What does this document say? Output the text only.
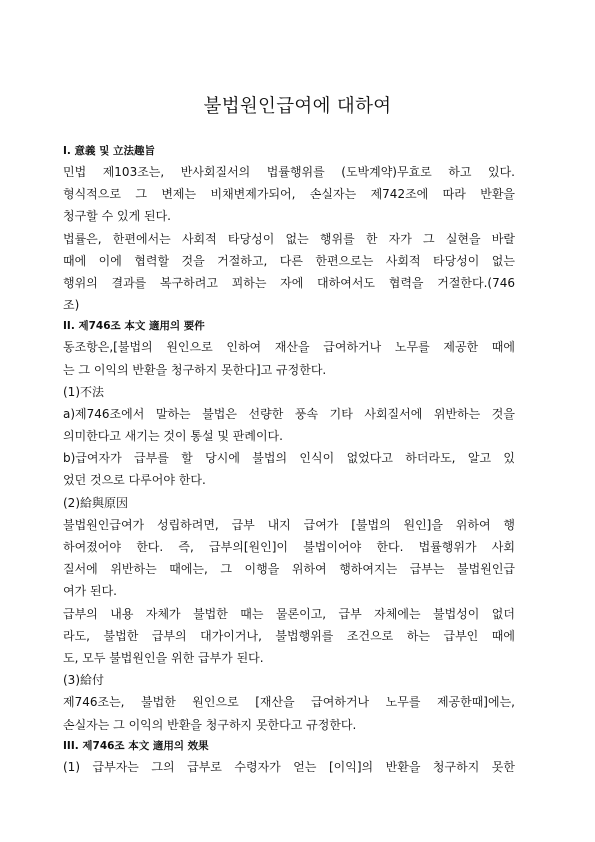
불법원인급여에 대하여
I. 意義 및 立法趣旨
민법 제103조는, 반사회질서의 법률행위를 (도박계약)무효로 하고 있다.
형식적으로 그 변제는 비채변제가되어, 손실자는 제742조에 따라 반환을
청구할 수 있게 된다.
법률은, 한편에서는 사회적 타당성이 없는 행위를 한 자가 그 실현을 바랄
때에 이에 협력할 것을 거절하고, 다른 한편으로는 사회적 타당성이 없는
행위의 결과를 복구하려고 꾀하는 자에 대하여서도 협력을 거절한다.(746
조)
II. 제746조 本文 適用의 要件
동조항은,[불법의 원인으로 인하여 재산을 급여하거나 노무를 제공한 때에
는 그 이익의 반환을 청구하지 못한다]고 규정한다.
(1)不法
a)제746조에서 말하는 불법은 선량한 풍속 기타 사회질서에 위반하는 것을
의미한다고 새기는 것이 통설 및 판례이다.
b)급여자가 급부를 할 당시에 불법의 인식이 없었다고 하더라도, 알고 있
었던 것으로 다루어야 한다.
(2)給與原因
불법원인급여가 성립하려면, 급부 내지 급여가 [불법의 원인]을 위하여 행
하여졌어야 한다. 즉, 급부의[원인]이 불법이어야 한다. 법률행위가 사회
질서에 위반하는 때에는, 그 이행을 위하여 행하여지는 급부는 불법원인급
여가 된다.
급부의 내용 자체가 불법한 때는 물론이고, 급부 자체에는 불법성이 없더
라도, 불법한 급부의 대가이거나, 불법행위를 조건으로 하는 급부인 때에
도, 모두 불법원인을 위한 급부가 된다.
(3)給付
제746조는, 불법한 원인으로 [재산을 급여하거나 노무를 제공한때]에는,
손실자는 그 이익의 반환을 청구하지 못한다고 규정한다.
III. 제746조 本文 適用의 效果
(1) 급부자는 그의 급부로 수령자가 얻는 [이익]의 반환을 청구하지 못한
